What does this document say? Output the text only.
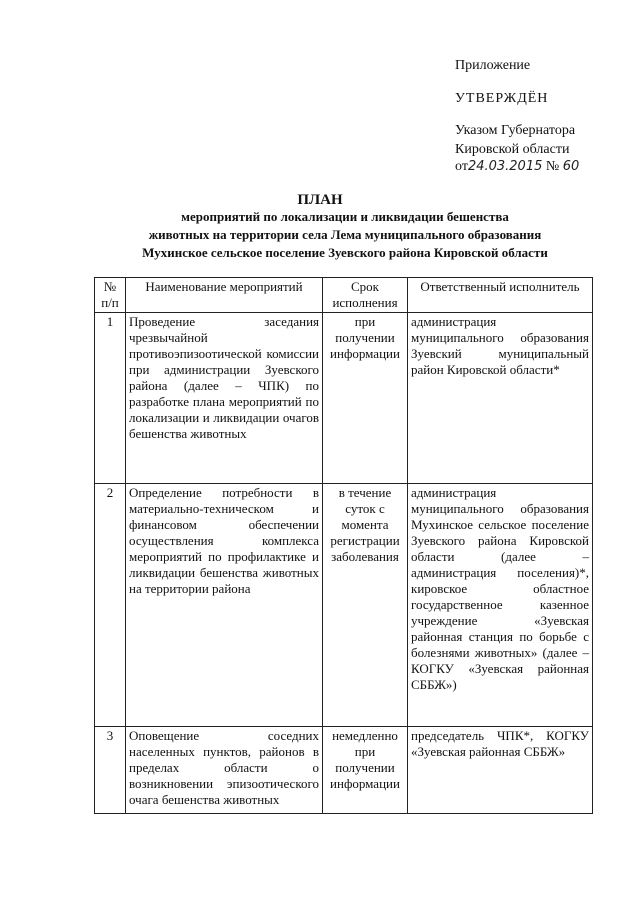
Приложение
УТВЕРЖДЁН
Указом Губернатора
Кировской области
от24.03.2015 № 60
ПЛАН
мероприятий по локализации и ликвидации бешенства
животных на территории села Лема муниципального образования
Мухинское сельское поселение Зуевского района Кировской области
№ п/п	Наименование мероприятий	Срок исполнения	Ответственный исполнитель
1	Проведение заседания чрезвычайной противоэпизоотической комиссии при администрации Зуевского района (далее – ЧПК) по разработке плана мероприятий по локализации и ликвидации очагов бешенства животных	при получении информации	администрация муниципального образования Зуевский муниципальный район Кировской области*
2	Определение потребности в материально-техническом и финансовом обеспечении осуществления комплекса мероприятий по профилактике и ликвидации бешенства животных на территории района	в течение суток с момента регистрации заболевания	администрация муниципального образования Мухинское сельское поселение Зуевского района Кировской области (далее – администрация поселения)*, кировское областное государственное казенное учреждение «Зуевская районная станция по борьбе с болезнями животных» (далее – КОГКУ «Зуевская районная СББЖ»)
3	Оповещение соседних населенных пунктов, районов в пределах области о возникновении эпизоотического очага бешенства животных	немедленно при получении информации	председатель ЧПК*, КОГКУ «Зуевская районная СББЖ»
